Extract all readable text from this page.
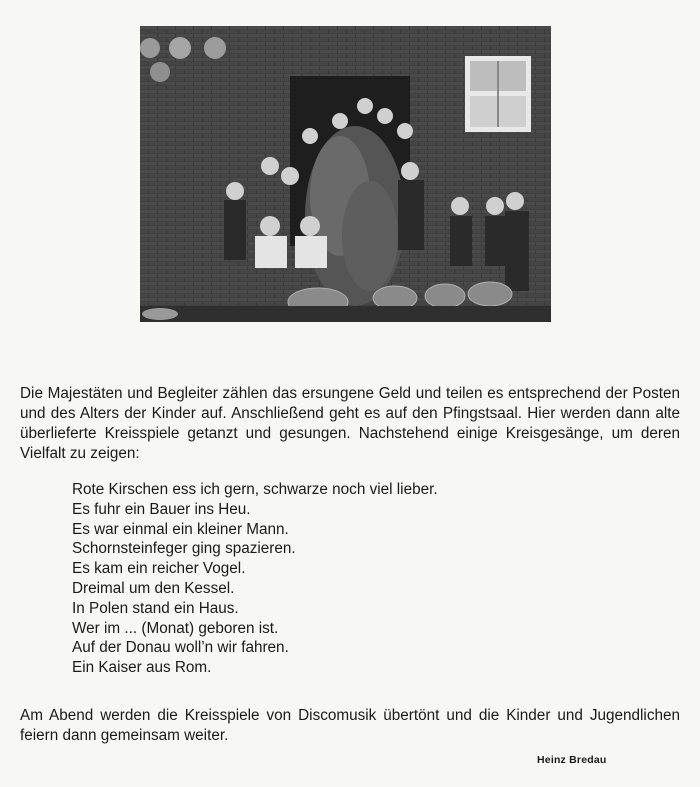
Die Majestäten und Begleiter zählen das ersungene Geld und teilen es entsprechend der Posten und des Alters der Kinder auf. Anschließend geht es auf den Pfingstsaal. Hier werden dann alte überlieferte Kreisspiele getanzt und gesungen. Nachstehend einige Kreisgesänge, um deren Vielfalt zu zeigen:
Rote Kirschen ess ich gern, schwarze noch viel lieber.
Es fuhr ein Bauer ins Heu.
Es war einmal ein kleiner Mann.
Schornsteinfeger ging spazieren.
Es kam ein reicher Vogel.
Dreimal um den Kessel.
In Polen stand ein Haus.
Wer im ... (Monat) geboren ist.
Auf der Donau woll’n wir fahren.
Ein Kaiser aus Rom.
Am Abend werden die Kreisspiele von Discomusik übertönt und die Kinder und Jugendlichen feiern dann gemeinsam weiter.
Heinz Bredau
